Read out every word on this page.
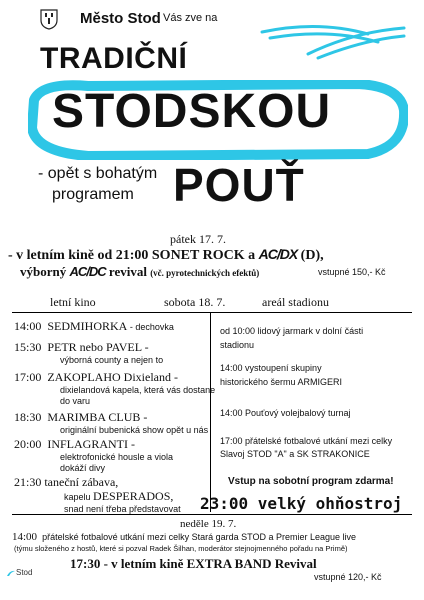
Město Stod Vás zve na
TRADIČNÍ
STODSKOU
- opět s bohatým
programem POUŤ
pátek 17. 7.
- v letním kině od 21:00 SONET ROCK a AC/DX (D),
výborný AC/DC revival (vč. pyrotechnických efektů)	vstupné 150,- Kč
letní kino	sobota 18. 7.	areál stadionu
14:00 SEDMIHORKA - dechovka
15:30 PETR nebo PAVEL -
výborná county a nejen to
17:00 ZAKOPLAHO Dixieland -
dixielandová kapela, která vás dostane
do varu
18:30 MARIMBA CLUB -
originální bubenická show opět u nás
20:00 INFLAGRANTI -
elektrofonické housle a viola
dokáží divy
21:30 taneční zábava,
kapelu DESPERADOS,
snad není třeba představovat
od 10:00 lidový jarmark v dolní části
stadionu
14:00 vystoupení skupiny
historického šermu ARMIGERI
14:00 Pouťový volejbalový turnaj
17:00 přátelské fotbalové utkání mezi celky
Slavoj STOD "A" a SK STRAKONICE
Vstup na sobotní program zdarma!
23:00 velký ohňostroj
neděle 19. 7.
14:00 přátelské fotbalové utkání mezi celky Stará garda STOD a Premier League live
(týmu složeného z hostů, které si pozval Radek Šilhan, moderátor stejnojmenného pořadu na Primě)
17:30 - v letním kině EXTRA BAND Revival
vstupné 120,- Kč
Stod
